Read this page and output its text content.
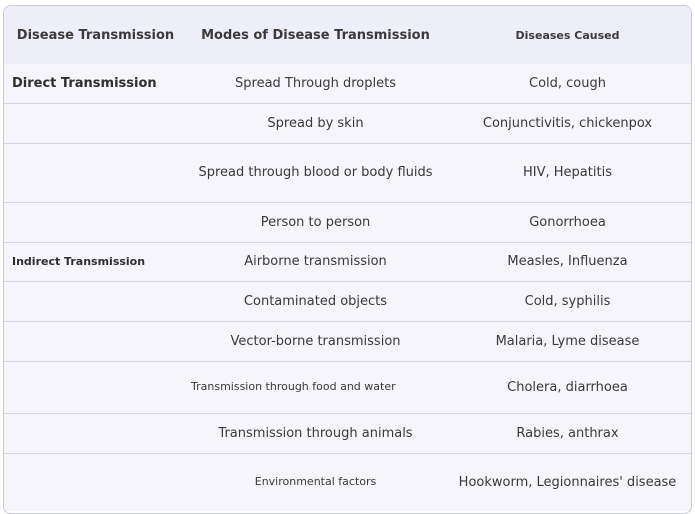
Disease Transmission	Modes of Disease Transmission	Diseases Caused
Direct Transmission	Spread Through droplets	Cold, cough
	Spread by skin	Conjunctivitis, chickenpox
	Spread through blood or body fluids	HIV, Hepatitis
	Person to person	Gonorrhoea
Indirect Transmission	Airborne transmission	Measles, Influenza
	Contaminated objects	Cold, syphilis
	Vector-borne transmission	Malaria, Lyme disease
	Transmission through food and water	Cholera, diarrhoea
	Transmission through animals	Rabies, anthrax
	Environmental factors	Hookworm, Legionnaires' disease
